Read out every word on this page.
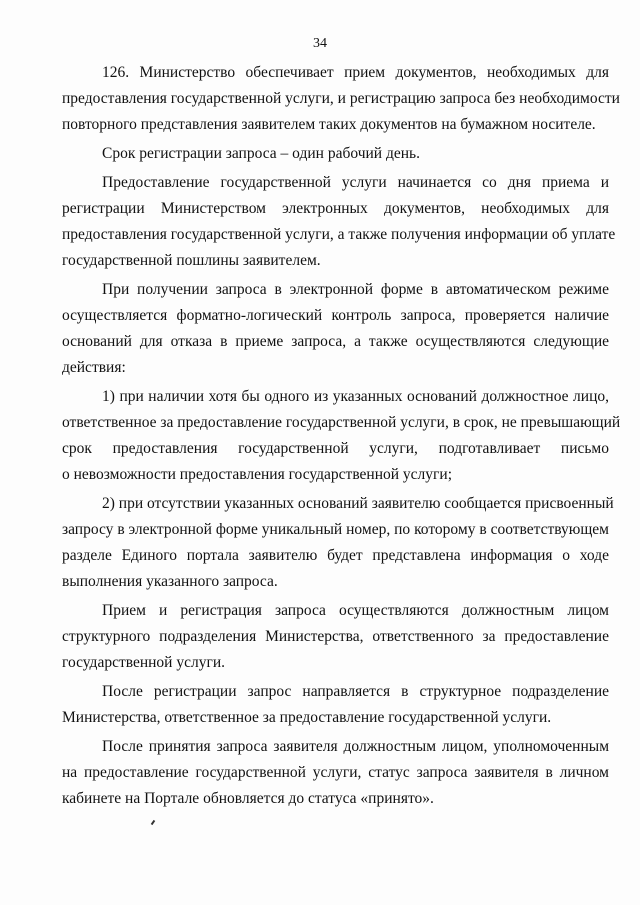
34
126. Министерство обеспечивает прием документов, необходимых для
предоставления государственной услуги, и регистрацию запроса без необходимости
повторного представления заявителем таких документов на бумажном носителе.
Срок регистрации запроса – один рабочий день.
Предоставление государственной услуги начинается со дня приема и
регистрации Министерством электронных документов, необходимых для
предоставления государственной услуги, а также получения информации об уплате
государственной пошлины заявителем.
При получении запроса в электронной форме в автоматическом режиме
осуществляется форматно-логический контроль запроса, проверяется наличие
оснований для отказа в приеме запроса, а также осуществляются следующие
действия:
1) при наличии хотя бы одного из указанных оснований должностное лицо,
ответственное за предоставление государственной услуги, в срок, не превышающий
срок предоставления государственной услуги, подготавливает письмо
о невозможности предоставления государственной услуги;
2) при отсутствии указанных оснований заявителю сообщается присвоенный
запросу в электронной форме уникальный номер, по которому в соответствующем
разделе Единого портала заявителю будет представлена информация о ходе
выполнения указанного запроса.
Прием и регистрация запроса осуществляются должностным лицом
структурного подразделения Министерства, ответственного за предоставление
государственной услуги.
После регистрации запрос направляется в структурное подразделение
Министерства, ответственное за предоставление государственной услуги.
После принятия запроса заявителя должностным лицом, уполномоченным
на предоставление государственной услуги, статус запроса заявителя в личном
кабинете на Портале обновляется до статуса «принято».
